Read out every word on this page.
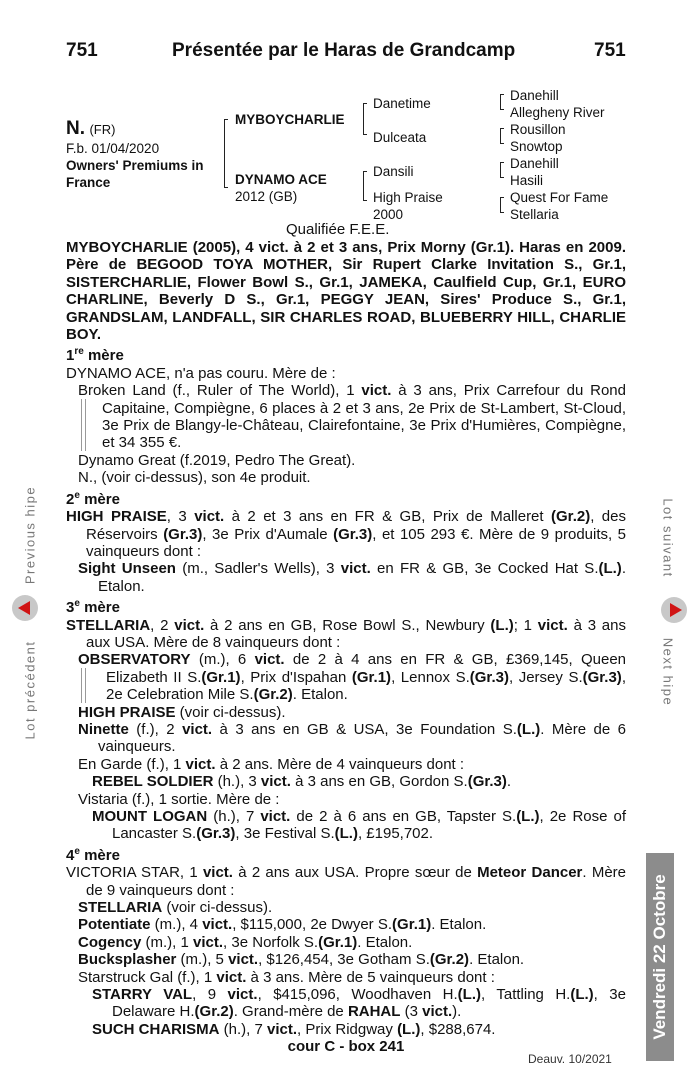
751	Présentée par le Haras de Grandcamp	751
N. (FR)
F.b. 01/04/2020
Owners' Premiums in
France
MYBOYCHARLIE
DYNAMO ACE
2012 (GB)
Danetime
Dulceata
Dansili
High Praise
2000
Danehill
Allegheny River
Rousillon
Snowtop
Danehill
Hasili
Quest For Fame
Stellaria
Qualifiée F.E.E.

MYBOYCHARLIE (2005), 4 vict. à 2 et 3 ans, Prix Morny (Gr.1). Haras en 2009. Père de BEGOOD TOYA MOTHER, Sir Rupert Clarke Invitation S., Gr.1, SISTERCHARLIE, Flower Bowl S., Gr.1, JAMEKA, Caulfield Cup, Gr.1, EURO CHARLINE, Beverly D S., Gr.1, PEGGY JEAN, Sires' Produce S., Gr.1, GRANDSLAM, LANDFALL, SIR CHARLES ROAD, BLUEBERRY HILL, CHARLIE BOY.

1re mère

DYNAMO ACE, n'a pas couru. Mère de :

Broken Land (f., Ruler of The World), 1 vict. à 3 ans, Prix Carrefour du Rond Capitaine, Compiègne, 6 places à 2 et 3 ans, 2e Prix de St-Lambert, St-Cloud, 3e Prix de Blangy-le-Château, Clairefontaine, 3e Prix d'Humières, Compiègne, et 34 355 €.

Dynamo Great (f.2019, Pedro The Great).

N., (voir ci-dessus), son 4e produit.

2e mère

HIGH PRAISE, 3 vict. à 2 et 3 ans en FR & GB, Prix de Malleret (Gr.2), des Réservoirs (Gr.3), 3e Prix d'Aumale (Gr.3), et 105 293 €. Mère de 9 produits, 5 vainqueurs dont :

Sight Unseen (m., Sadler's Wells), 3 vict. en FR & GB, 3e Cocked Hat S.(L.). Etalon.

3e mère

STELLARIA, 2 vict. à 2 ans en GB, Rose Bowl S., Newbury (L.); 1 vict. à 3 ans aux USA. Mère de 8 vainqueurs dont :

OBSERVATORY (m.), 6 vict. de 2 à 4 ans en FR & GB, £369,145, Queen Elizabeth II S.(Gr.1), Prix d'Ispahan (Gr.1), Lennox S.(Gr.3), Jersey S.(Gr.3), 2e Celebration Mile S.(Gr.2). Etalon.

HIGH PRAISE (voir ci-dessus).

Ninette (f.), 2 vict. à 3 ans en GB & USA, 3e Foundation S.(L.). Mère de 6 vainqueurs.

En Garde (f.), 1 vict. à 2 ans. Mère de 4 vainqueurs dont :

REBEL SOLDIER (h.), 3 vict. à 3 ans en GB, Gordon S.(Gr.3).

Vistaria (f.), 1 sortie. Mère de :

MOUNT LOGAN (h.), 7 vict. de 2 à 6 ans en GB, Tapster S.(L.), 2e Rose of Lancaster S.(Gr.3), 3e Festival S.(L.), £195,702.

4e mère

VICTORIA STAR, 1 vict. à 2 ans aux USA. Propre sœur de Meteor Dancer. Mère de 9 vainqueurs dont :

STELLARIA (voir ci-dessus).

Potentiate (m.), 4 vict., $115,000, 2e Dwyer S.(Gr.1). Etalon.

Cogency (m.), 1 vict., 3e Norfolk S.(Gr.1). Etalon.

Bucksplasher (m.), 5 vict., $126,454, 3e Gotham S.(Gr.2). Etalon.

Starstruck Gal (f.), 1 vict. à 3 ans. Mère de 5 vainqueurs dont :

STARRY VAL, 9 vict., $415,096, Woodhaven H.(L.), Tattling H.(L.), 3e Delaware H.(Gr.2). Grand-mère de RAHAL (3 vict.).

SUCH CHARISMA (h.), 7 vict., Prix Ridgway (L.), $288,674.

cour C - box 241

Deauv. 10/2021
Previous hipe
Lot précédent
Lot suivant
Next hipe
Vendredi 22 Octobre
